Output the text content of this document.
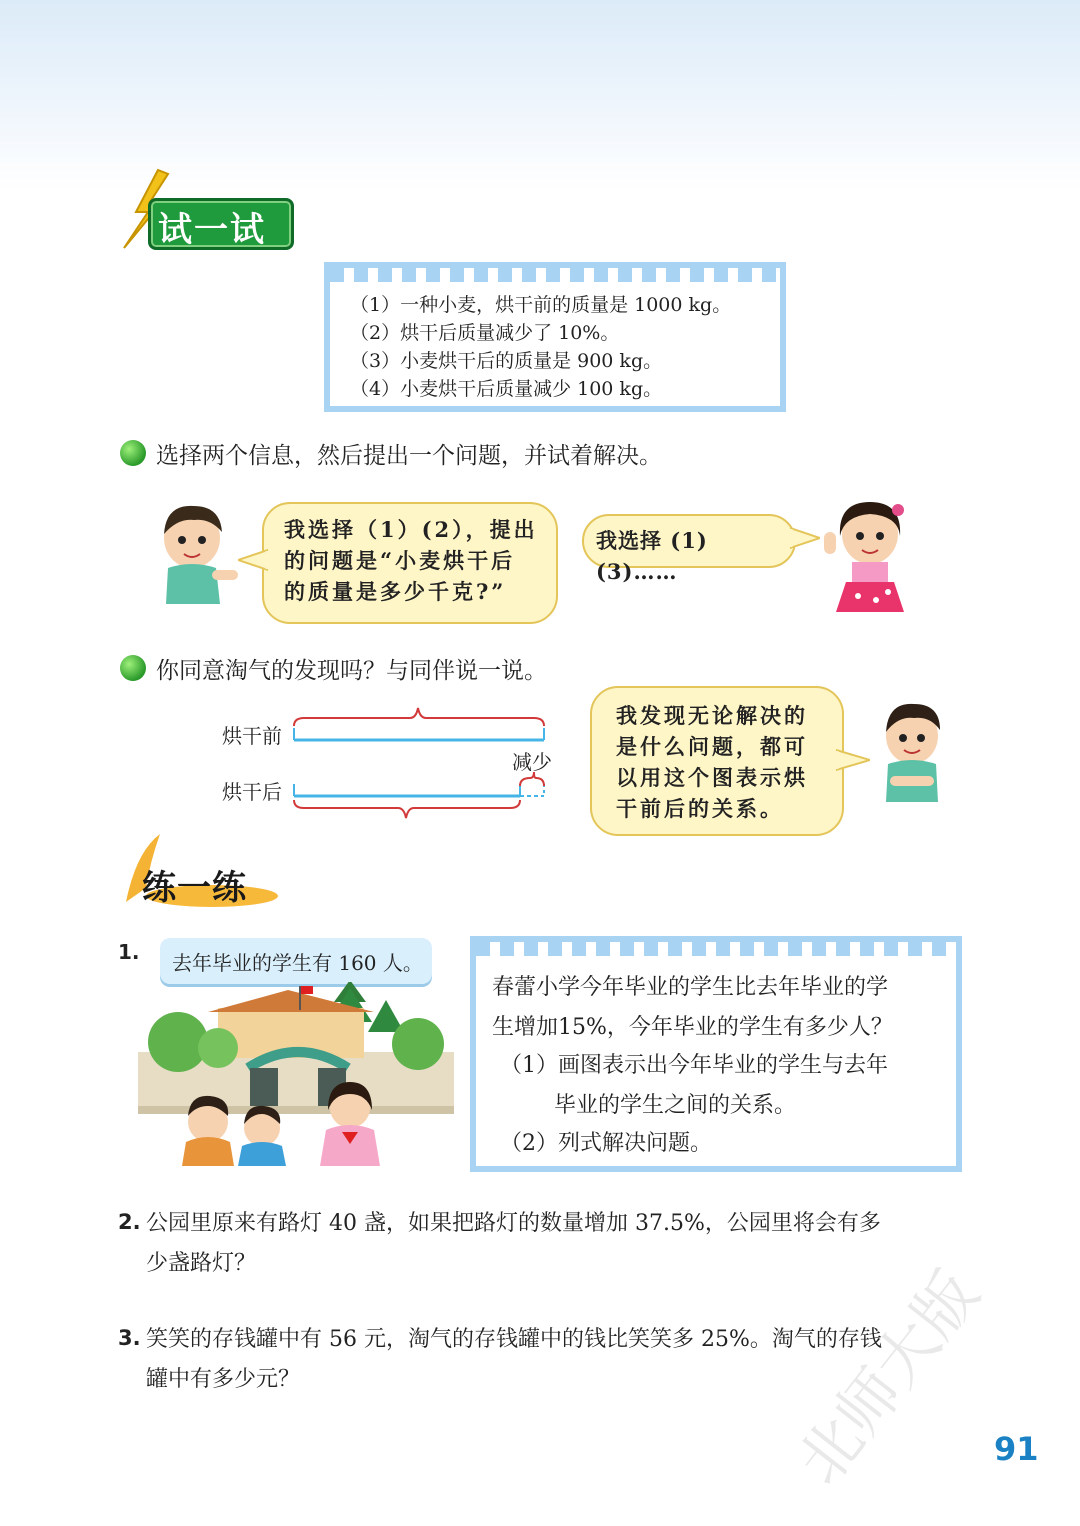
试一试
（1）一种小麦，烘干前的质量是 1000 kg。
（2）烘干后质量减少了 10%。
（3）小麦烘干后的质量是 900 kg。
（4）小麦烘干后质量减少 100 kg。
选择两个信息，然后提出一个问题，并试着解决。
我选择（1）(2），提出
的问题是“小麦烘干后
的质量是多少千克?”
我选择 (1) (3)……
你同意淘气的发现吗？与同伴说一说。
烘干前
烘干后
减少
我发现无论解决的
是什么问题，都可
以用这个图表示烘
干前后的关系。
练一练
1. 去年毕业的学生有 160 人。
春蕾小学今年毕业的学生比去年毕业的学
生增加15%，今年毕业的学生有多少人？
（1）画图表示出今年毕业的学生与去年
毕业的学生之间的关系。
（2）列式解决问题。
2. 公园里原来有路灯 40 盏，如果把路灯的数量增加 37.5%，公园里将会有多
少盏路灯？
3. 笑笑的存钱罐中有 56 元，淘气的存钱罐中的钱比笑笑多 25%。淘气的存钱
罐中有多少元？	北师大版 91
